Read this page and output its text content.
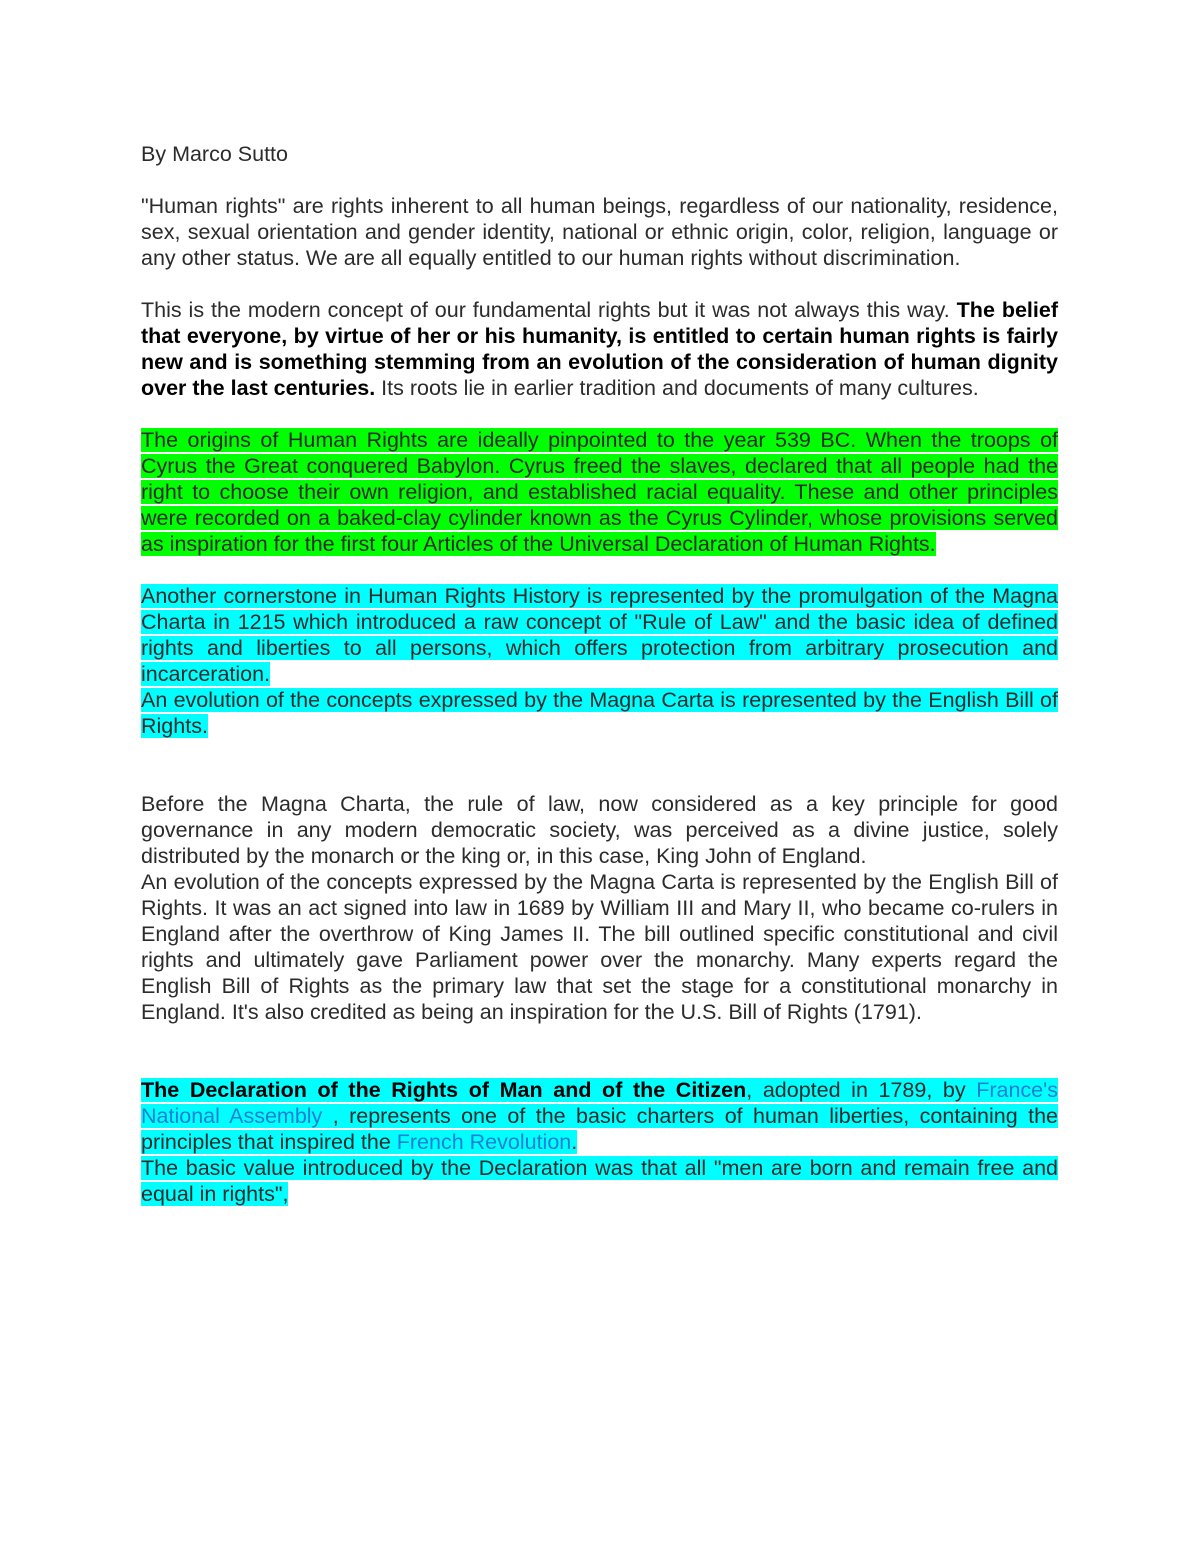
By Marco Sutto

"Human rights" are rights inherent to all human beings, regardless of our nationality, residence, sex, sexual orientation and gender identity, national or ethnic origin, color, religion, language or any other status. We are all equally entitled to our human rights without discrimination.

This is the modern concept of our fundamental rights but it was not always this way. The belief that everyone, by virtue of her or his humanity, is entitled to certain human rights is fairly new and is something stemming from an evolution of the consideration of human dignity over the last centuries. Its roots lie in earlier tradition and documents of many cultures.

The origins of Human Rights are ideally pinpointed to the year 539 BC. When the troops of Cyrus the Great conquered Babylon. Cyrus freed the slaves, declared that all people had the right to choose their own religion, and established racial equality. These and other principles were recorded on a baked-clay cylinder known as the Cyrus Cylinder, whose provisions served as inspiration for the first four Articles of the Universal Declaration of Human Rights.

Another cornerstone in Human Rights History is represented by the promulgation of the Magna Charta in 1215 which introduced a raw concept of "Rule of Law" and the basic idea of defined rights and liberties to all persons, which offers protection from arbitrary prosecution and incarceration.

An evolution of the concepts expressed by the Magna Carta is represented by the English Bill of Rights.

Before the Magna Charta, the rule of law, now considered as a key principle for good governance in any modern democratic society, was perceived as a divine justice, solely distributed by the monarch or the king or, in this case, King John of England.

An evolution of the concepts expressed by the Magna Carta is represented by the English Bill of Rights. It was an act signed into law in 1689 by William III and Mary II, who became co-rulers in England after the overthrow of King James II. The bill outlined specific constitutional and civil rights and ultimately gave Parliament power over the monarchy. Many experts regard the English Bill of Rights as the primary law that set the stage for a constitutional monarchy in England. It's also credited as being an inspiration for the U.S. Bill of Rights (1791).

The Declaration of the Rights of Man and of the Citizen, adopted in 1789, by France's National Assembly , represents one of the basic charters of human liberties, containing the principles that inspired the French Revolution.

The basic value introduced by the Declaration was that all "men are born and remain free and equal in rights",
